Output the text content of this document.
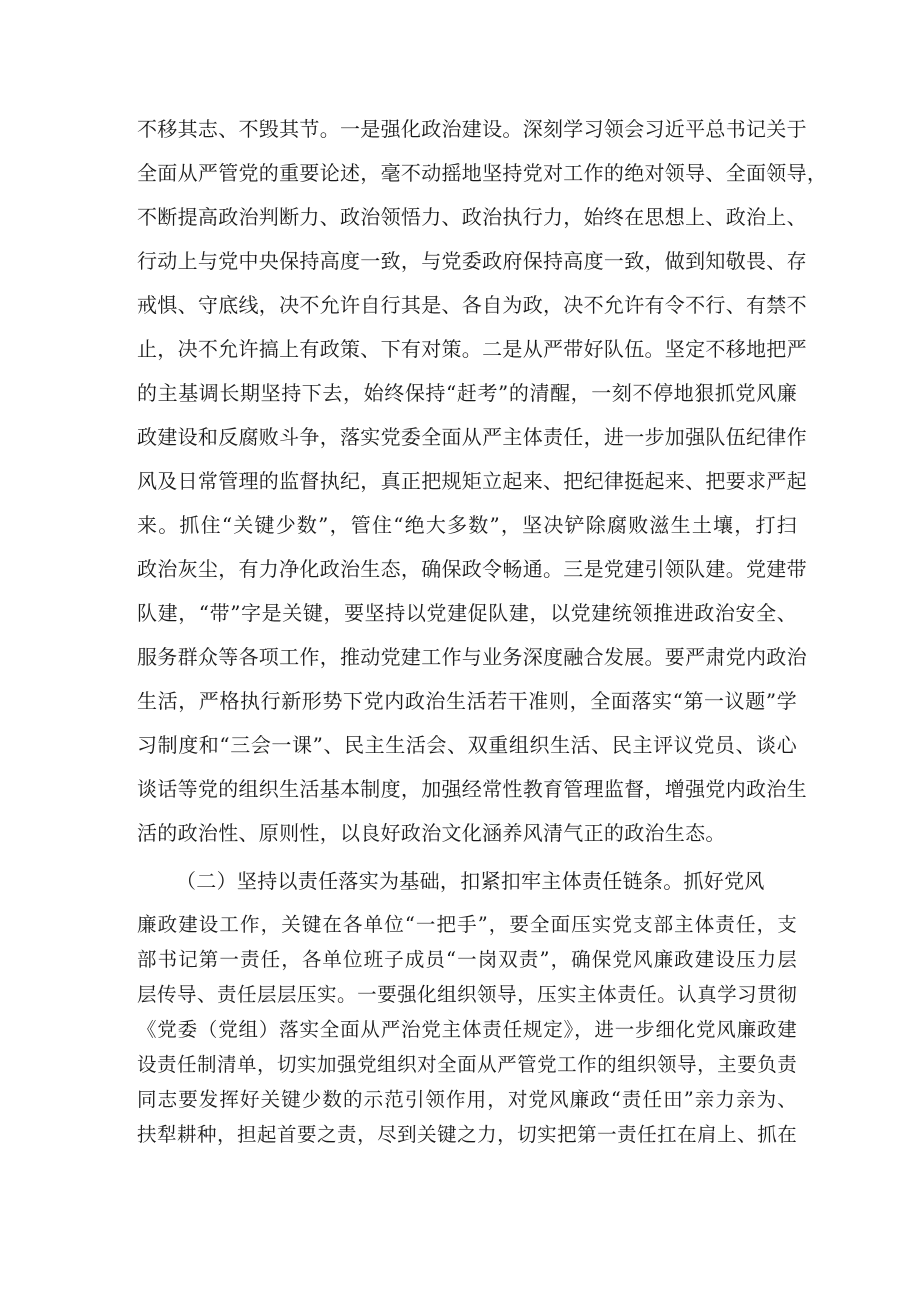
不移其志、不毁其节。一是强化政治建设。深刻学习领会习近平总书记关于
全面从严管党的重要论述，毫不动摇地坚持党对工作的绝对领导、全面领导，
不断提高政治判断力、政治领悟力、政治执行力，始终在思想上、政治上、
行动上与党中央保持高度一致，与党委政府保持高度一致，做到知敬畏、存
戒惧、守底线，决不允许自行其是、各自为政，决不允许有令不行、有禁不
止，决不允许搞上有政策、下有对策。二是从严带好队伍。坚定不移地把严
的主基调长期坚持下去，始终保持“赶考”的清醒，一刻不停地狠抓党风廉
政建设和反腐败斗争，落实党委全面从严主体责任，进一步加强队伍纪律作
风及日常管理的监督执纪，真正把规矩立起来、把纪律挺起来、把要求严起
来。抓住“关键少数”，管住“绝大多数”，坚决铲除腐败滋生土壤，打扫
政治灰尘，有力净化政治生态，确保政令畅通。三是党建引领队建。党建带
队建，“带”字是关键，要坚持以党建促队建，以党建统领推进政治安全、
服务群众等各项工作，推动党建工作与业务深度融合发展。要严肃党内政治
生活，严格执行新形势下党内政治生活若干准则，全面落实“第一议题”学
习制度和“三会一课”、民主生活会、双重组织生活、民主评议党员、谈心
谈话等党的组织生活基本制度，加强经常性教育管理监督，增强党内政治生
活的政治性、原则性，以良好政治文化涵养风清气正的政治生态。
（二）坚持以责任落实为基础，扣紧扣牢主体责任链条。抓好党风
廉政建设工作，关键在各单位“一把手”，要全面压实党支部主体责任，支
部书记第一责任，各单位班子成员“一岗双责”，确保党风廉政建设压力层
层传导、责任层层压实。一要强化组织领导，压实主体责任。认真学习贯彻
《党委（党组）落实全面从严治党主体责任规定》，进一步细化党风廉政建
设责任制清单，切实加强党组织对全面从严管党工作的组织领导，主要负责
同志要发挥好关键少数的示范引领作用，对党风廉政“责任田”亲力亲为、
扶犁耕种，担起首要之责，尽到关键之力，切实把第一责任扛在肩上、抓在
